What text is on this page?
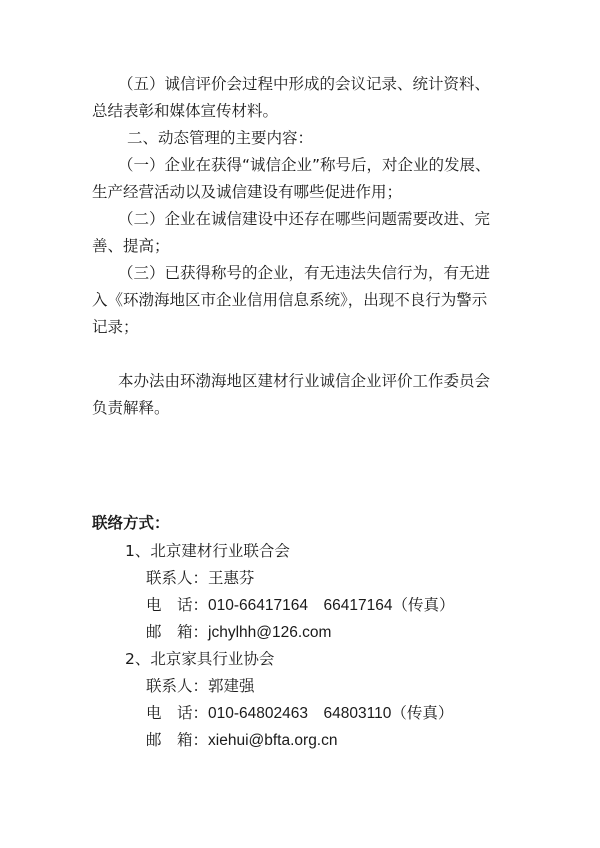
（五）诚信评价会过程中形成的会议记录、统计资料、
总结表彰和媒体宣传材料。
二、动态管理的主要内容：
（一）企业在获得“诚信企业”称号后，对企业的发展、
生产经营活动以及诚信建设有哪些促进作用；
（二）企业在诚信建设中还存在哪些问题需要改进、完
善、提高；
（三）已获得称号的企业，有无违法失信行为，有无进
入《环渤海地区市企业信用信息系统》，出现不良行为警示
记录；
本办法由环渤海地区建材行业诚信企业评价工作委员会
负责解释。
联络方式：
1、北京建材行业联合会
联系人：王惠芬
电　话：010-66417164　66417164（传真）
邮　箱：jchylhh@126.com
2、北京家具行业协会
联系人：郭建强
电　话：010-64802463　64803110（传真）
邮　箱：xiehui@bfta.org.cn
